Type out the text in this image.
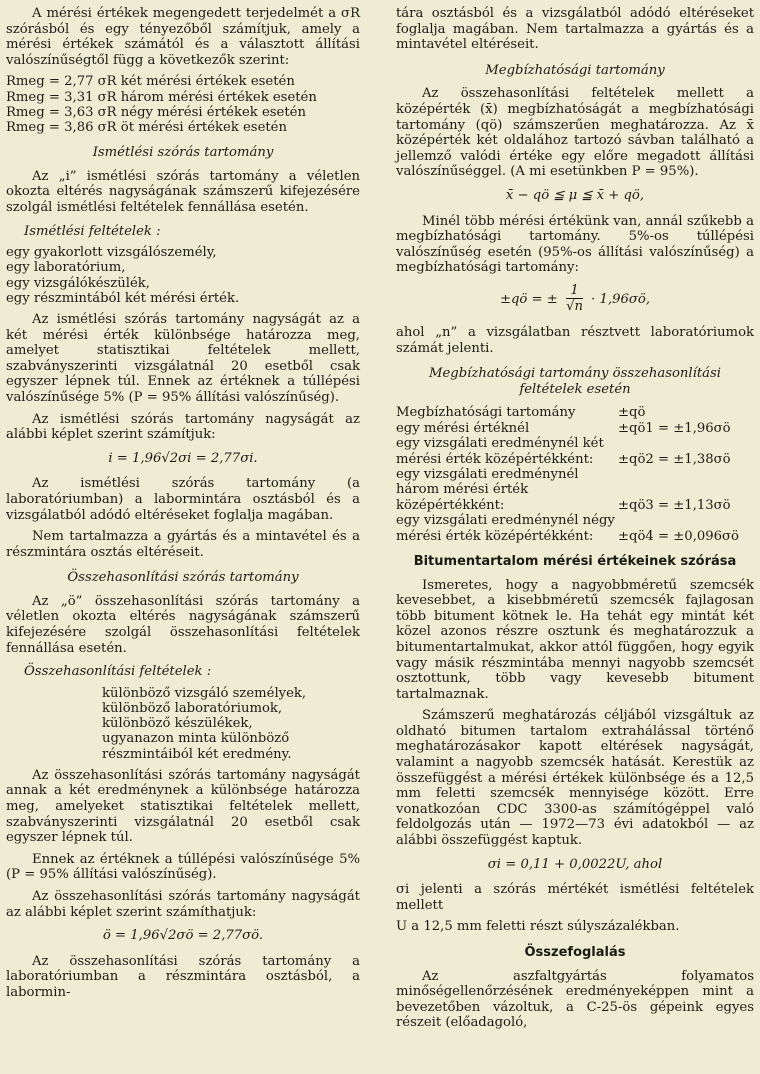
A mérési értékek megengedett terjedelmét a σR szórásból és egy tényezőből számítjuk, amely a mérési értékek számától és a választott állítási valószínűségtől függ a következők szerint:

Rmeg = 2,77 σR két mérési értékek esetén
Rmeg = 3,31 σR három mérési értékek esetén
Rmeg = 3,63 σR négy mérési értékek esetén
Rmeg = 3,86 σR öt mérési értékek esetén
Ismétlési szórás tartomány

Az „i” ismétlési szórás tartomány a véletlen okozta eltérés nagyságának számszerű kifejezésére szolgál ismétlési feltételek fennállása esetén.

Ismétlési feltételek :
egy gyakorlott vizsgálószemély,
egy laboratórium,
egy vizsgálókészülék,
egy részmintából két mérési érték.

Az ismétlési szórás tartomány nagyságát az a két mérési érték különbsége határozza meg, amelyet statisztikai feltételek mellett, szabványszerinti vizsgálatnál 20 esetből csak egyszer lépnek túl. Ennek az értéknek a túllépési valószínűsége 5% (P = 95% állítási valószínűség).

Az ismétlési szórás tartomány nagyságát az alábbi képlet szerint számítjuk:

i = 1,96√2σi = 2,77σi.

Az ismétlési szórás tartomány (a laboratóriumban) a labormintára osztásból és a vizsgálatból adódó eltéréseket foglalja magában.

Nem tartalmazza a gyártás és a mintavétel és a részmintára osztás eltéréseit.

Összehasonlítási szórás tartomány

Az „ö” összehasonlítási szórás tartomány a véletlen okozta eltérés nagyságának számszerű kifejezésére szolgál összehasonlítási feltételek fennállása esetén.

Összehasonlítási feltételek :
különböző vizsgáló személyek,
különböző laboratóriumok,
különböző készülékek,
ugyanazon minta különböző
részmintáiból két eredmény.

Az összehasonlítási szórás tartomány nagyságát annak a két eredménynek a különbsége határozza meg, amelyeket statisztikai feltételek mellett, szabványszerinti vizsgálatnál 20 esetből csak egyszer lépnek túl.

Ennek az értéknek a túllépési valószínűsége 5% (P = 95% állítási valószínűség).

Az összehasonlítási szórás tartomány nagyságát az alábbi képlet szerint számíthatjuk:

ö = 1,96√2σö = 2,77σö.

Az összehasonlítási szórás tartomány a laboratóriumban a részmintára osztásból, a labormin-

tára osztásból és a vizsgálatból adódó eltéréseket foglalja magában. Nem tartalmazza a gyártás és a mintavétel eltéréseit.

Megbízhatósági tartomány

Az összehasonlítási feltételek mellett a középérték (x̄) megbízhatóságát a megbízhatósági tartomány (qö) számszerűen meghatározza. Az x̄ középérték két oldalához tartozó sávban található a jellemző valódi értéke egy előre megadott állítási valószínűséggel. (A mi esetünkben P = 95%).

x̄ − qö ≦ μ ≦ x̄ + qö,

Minél több mérési értékünk van, annál szűkebb a megbízhatósági tartomány. 5%-os túllépési valószínűség esetén (95%-os állítási valószínűség) a megbízhatósági tartomány:

±qö = ± $\frac{1}{√n}$ · 1,96σö,

ahol „n” a vizsgálatban résztvett laboratóriumok számát jelenti.

Megbízhatósági tartomány összehasonlítási feltételek esetén
Megbízhatósági tartomány	±qö
egy mérési értéknél	±qö1 = ±1,96σö
egy vizsgálati eredménynél két mérési érték középértékként:	±qö2 = ±1,38σö
egy vizsgálati eredménynél három mérési érték középértékként:	±qö3 = ±1,13σö
egy vizsgálati eredménynél négy mérési érték középértékként:	±qö4 = ±0,096σö
Bitumentartalom mérési értékeinek szórása

Ismeretes, hogy a nagyobbméretű szemcsék kevesebbet, a kisebbméretű szemcsék fajlagosan több bitument kötnek le. Ha tehát egy mintát két közel azonos részre osztunk és meghatározzuk a bitumentartalmukat, akkor attól függően, hogy egyik vagy másik részmintába mennyi nagyobb szemcsét osztottunk, több vagy kevesebb bitument tartalmaznak.

Számszerű meghatározás céljából vizsgáltuk az oldható bitumen tartalom extrahálással történő meghatározásakor kapott eltérések nagyságát, valamint a nagyobb szemcsék hatását. Kerestük az összefüggést a mérési értékek különbsége és a 12,5 mm feletti szemcsék mennyisége között. Erre vonatkozóan CDC 3300-as számítógéppel való feldolgozás után — 1972—73 évi adatokból — az alábbi összefüggést kaptuk.

σi = 0,11 + 0,0022U, ahol

σi jelenti a szórás mértékét ismétlési feltételek mellett

U a 12,5 mm feletti részt súlyszázalékban.

Összefoglalás

Az aszfaltgyártás folyamatos minőségellenőrzésének eredményeképpen mint a bevezetőben vázoltuk, a C-25-ös gépeink egyes részeit (előadagoló,
